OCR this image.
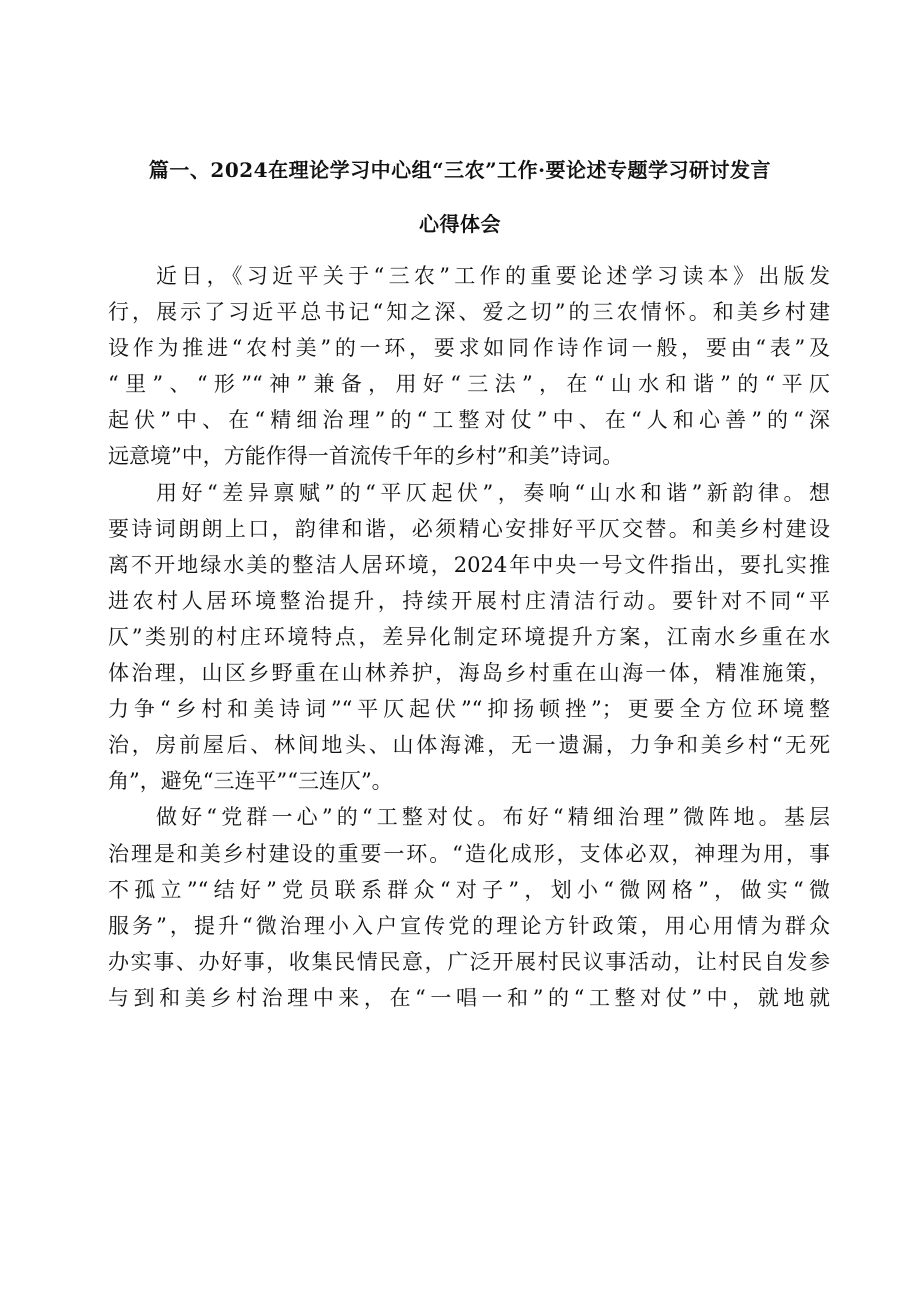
篇一、2024在理论学习中心组“三农”工作·要论述专题学习研讨发言
心得体会

近日，《习近平关于“三农”工作的重要论述学习读本》出版发
行，展示了习近平总书记“知之深、爱之切”的三农情怀。和美乡村建
设作为推进“农村美”的一环，要求如同作诗作词一般，要由“表”及
“里”、“形”“神”兼备，用好“三法”，在“山水和谐”的“平仄
起伏”中、在“精细治理”的“工整对仗”中、在“人和心善”的“深
远意境”中，方能作得一首流传千年的乡村”和美”诗词。

用好“差异禀赋”的“平仄起伏”，奏响“山水和谐”新韵律。想
要诗词朗朗上口，韵律和谐，必须精心安排好平仄交替。和美乡村建设
离不开地绿水美的整洁人居环境，2024年中央一号文件指出，要扎实推
进农村人居环境整治提升，持续开展村庄清洁行动。要针对不同“平
仄”类别的村庄环境特点，差异化制定环境提升方案，江南水乡重在水
体治理，山区乡野重在山林养护，海岛乡村重在山海一体，精准施策，
力争“乡村和美诗词”“平仄起伏”“抑扬顿挫”；更要全方位环境整
治，房前屋后、林间地头、山体海滩，无一遗漏，力争和美乡村“无死
角”，避免“三连平”“三连仄”。

做好“党群一心”的“工整对仗。布好“精细治理”微阵地。基层
治理是和美乡村建设的重要一环。“造化成形，支体必双，神理为用，事
不孤立”“结好”党员联系群众“对子”，划小“微网格”，做实“微
服务”，提升“微治理小入户宣传党的理论方针政策，用心用情为群众
办实事、办好事，收集民情民意，广泛开展村民议事活动，让村民自发参
与到和美乡村治理中来，在“一唱一和”的“工整对仗”中，就地就
